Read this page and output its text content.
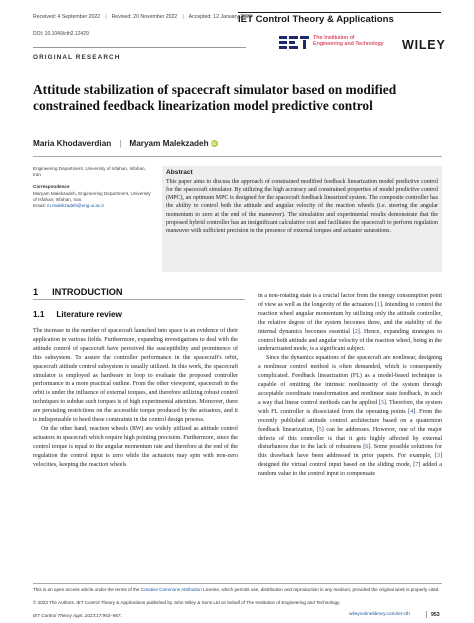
Received: 4 September 2022 | Revised: 20 November 2022 | Accepted: 12 January 2023
DOI: 10.1049/cth2.12429
IET Control Theory & Applications
ORIGINAL RESEARCH
The Institution of
Engineering and Technology WILEY
Attitude stabilization of spacecraft simulator based on modified constrained feedback linearization model predictive control
Maria Khodaverdian | Maryam Malekzadeh iD
Engineering Department, University of Isfahan, Isfahan, Iran
Correspondence
Maryam Malekzadeh, Engineering Department, University of Isfahan, Isfahan, Iran.
Email: m.malekzadeh@eng.ui.ac.ir
Abstract
This paper aims to discuss the approach of constrained modified feedback linearization model predictive control for the spacecraft simulator. By utilizing the high accuracy and constrained properties of model predictive control (MPC), an optimum MPC is designed for the spacecraft feedback linearized system. The composite controller has the ability to control both the attitude and angular velocity of the reaction wheels (i.e. steering the angular momentum to zero at the end of the maneuver). The simulation and experimental results demonstrate that the proposed hybrid controller has an insignificant calculative cost and facilitates the spacecraft to perform regulation maneuver with sufficient precision in the presence of external torques and actuator saturations.
1 INTRODUCTION
1.1 Literature review

The increase in the number of spacecraft launched into space is an evidence of their application in various fields. Furthermore, expanding investigations to deal with the attitude control of spacecraft have perceived the susceptibility and prominence of this subsystem. To assure the controller performance in the spacecraft's orbit, spacecraft attitude control subsystem is usually utilized. In this work, the spacecraft simulator is employed as hardware in loop to evaluate the proposed controller performance in a more practical outline. From the other viewpoint, spacecraft in the orbit is under the influence of external torques, and therefore utilizing robust control techniques to subdue such torques is of high experimental attention. Moreover, there are persisting restrictions on the accessible torque produced by the actuators, and it is indispensable to heed these constraints in the control design process.

On the other hand, reaction wheels (RW) are widely utilized as attitude control actuators in spacecraft which require high pointing precision. Furthermore, since the control torque is equal to the angular momentum rate and therefore at the end of the regulation the control input is zero while the actuators may spin with non-zero velocities, keeping the reaction wheels

in a non-rotating state is a crucial factor from the energy consumption point of view as well as the longevity of the actuators [1]. Intending to control the reaction wheel angular momentum by utilizing only the attitude controller, the relative degree of the system becomes three, and the stability of the internal dynamics becomes essential [2]. Hence, expanding strategies to control both attitude and angular velocity of the reaction wheel, being in the underactuated mode, is a significant subject.

Since the dynamics equations of the spacecraft are nonlinear, designing a nonlinear control method is often demanded, which is consequently complicated. Feedback linearization (FL) as a model-based technique is capable of omitting the intrinsic nonlinearity of the system through acceptable coordinate transformation and nonlinear state feedback, in such a way that linear control methods can be applied [3]. Therefore, the system with FL controller is dissociated from the operating points [4]. From the recently published attitude control architecture based on a quaternion feedback linearization, [5] can be addresses. However, one of the major defects of this controller is that it gets highly affected by external disturbances due to the lack of robustness [6]. Some possible solutions for this drawback have been addressed in prior papers. For example, [3] designed the virtual control input based on the sliding mode, [7] added a random value to the control input to compensate

This is an open access article under the terms of the Creative Commons Attribution License, which permits use, distribution and reproduction in any medium, provided the original work is properly cited.
© 2023 The Authors. IET Control Theory & Applications published by John Wiley & Sons Ltd on behalf of The Institution of Engineering and Technology.
IET Control Theory Appl. 2023;17:953–967.	wileyonlinelibrary.com/iet-cth	953
